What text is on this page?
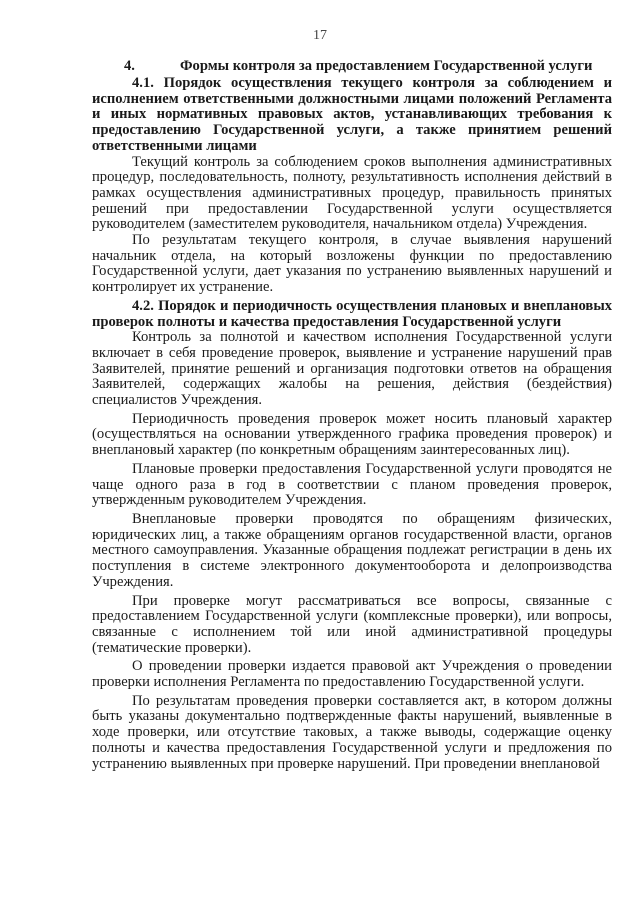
17
4.	Формы контроля за предоставлением Государственной услуги

4.1. Порядок осуществления текущего контроля за соблюдением и исполнением ответственными должностными лицами положений Регламента и иных нормативных правовых актов, устанавливающих требования к предоставлению Государственной услуги, а также принятием решений ответственными лицами

Текущий контроль за соблюдением сроков выполнения административных процедур, последовательность, полноту, результативность исполнения действий в рамках осуществления административных процедур, правильность принятых решений при предоставлении Государственной услуги осуществляется руководителем (заместителем руководителя, начальником отдела) Учреждения.

По результатам текущего контроля, в случае выявления нарушений начальник отдела, на который возложены функции по предоставлению Государственной услуги, дает указания по устранению выявленных нарушений и контролирует их устранение.

4.2. Порядок и периодичность осуществления плановых и внеплановых проверок полноты и качества предоставления Государственной услуги

Контроль за полнотой и качеством исполнения Государственной услуги включает в себя проведение проверок, выявление и устранение нарушений прав Заявителей, принятие решений и организация подготовки ответов на обращения Заявителей, содержащих жалобы на решения, действия (бездействия) специалистов Учреждения.

Периодичность проведения проверок может носить плановый характер (осуществляться на основании утвержденного графика проведения проверок) и внеплановый характер (по конкретным обращениям заинтересованных лиц).

Плановые проверки предоставления Государственной услуги проводятся не чаще одного раза в год в соответствии с планом проведения проверок, утвержденным руководителем Учреждения.

Внеплановые проверки проводятся по обращениям физических, юридических лиц, а также обращениям органов государственной власти, органов местного самоуправления. Указанные обращения подлежат регистрации в день их поступления в системе электронного документооборота и делопроизводства Учреждения.

При проверке могут рассматриваться все вопросы, связанные с предоставлением Государственной услуги (комплексные проверки), или вопросы, связанные с исполнением той или иной административной процедуры (тематические проверки).

О проведении проверки издается правовой акт Учреждения о проведении проверки исполнения Регламента по предоставлению Государственной услуги.

По результатам проведения проверки составляется акт, в котором должны быть указаны документально подтвержденные факты нарушений, выявленные в ходе проверки, или отсутствие таковых, а также выводы, содержащие оценку полноты и качества предоставления Государственной услуги и предложения по устранению выявленных при проверке нарушений. При проведении внеплановой
